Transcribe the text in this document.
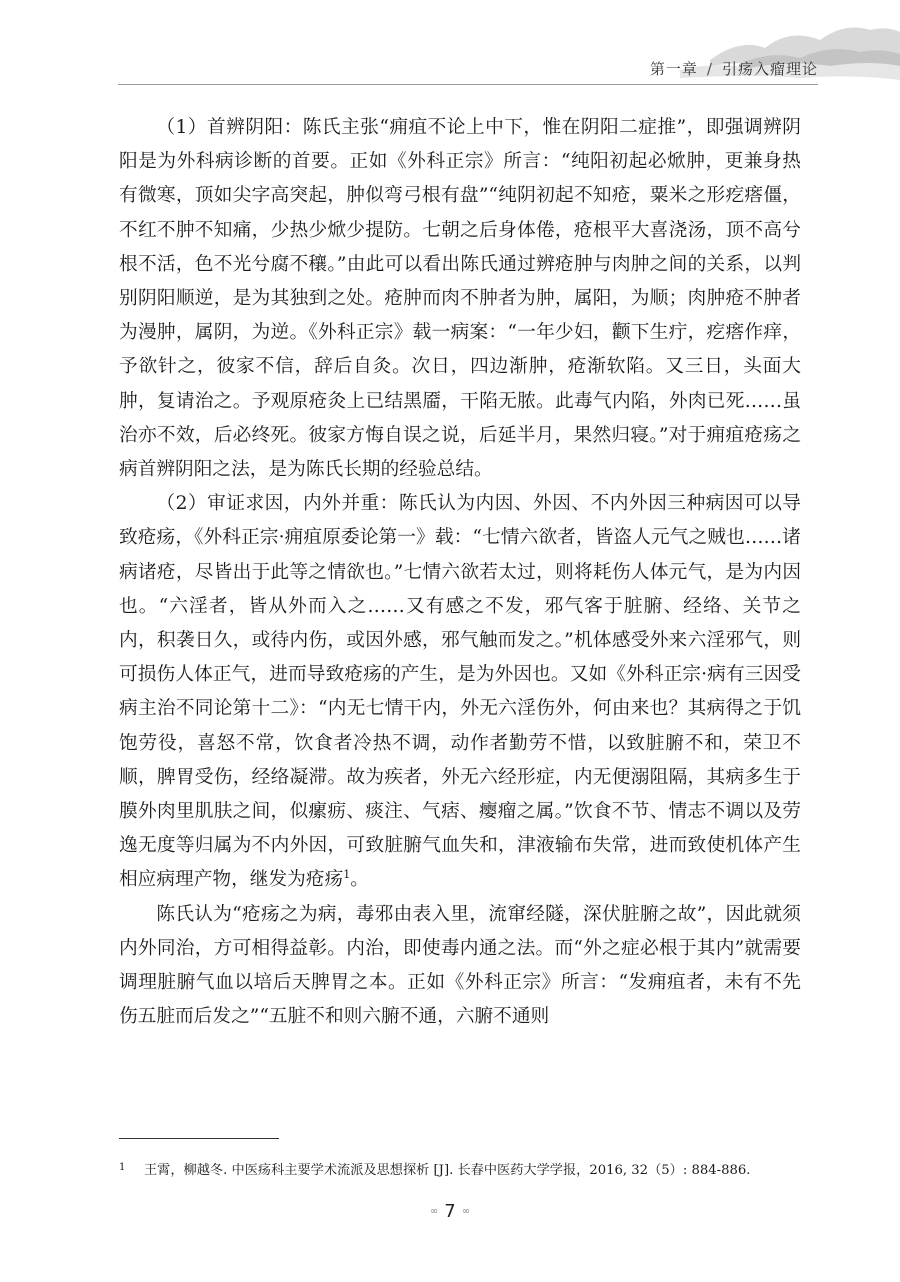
第一章 / 引疡入瘤理论

（1）首辨阴阳：陈氏主张“痈疽不论上中下，惟在阴阳二症推”，即强调辨阴阳是为外科病诊断的首要。正如《外科正宗》所言：“纯阳初起必焮肿，更兼身热有微寒，顶如尖字高突起，肿似弯弓根有盘”“纯阴初起不知疮，粟米之形疙瘩僵，不红不肿不知痛，少热少焮少提防。七朝之后身体倦，疮根平大喜浇汤，顶不高兮根不活，色不光兮腐不穰。”由此可以看出陈氏通过辨疮肿与肉肿之间的关系，以判别阴阳顺逆，是为其独到之处。疮肿而肉不肿者为肿，属阳，为顺；肉肿疮不肿者为漫肿，属阴，为逆。《外科正宗》载一病案：“一年少妇，颧下生疔，疙瘩作痒，予欲针之，彼家不信，辞后自灸。次日，四边渐肿，疮渐软陷。又三日，头面大肿，复请治之。予观原疮灸上已结黑靥，干陷无脓。此毒气内陷，外肉已死……虽治亦不效，后必终死。彼家方悔自误之说，后延半月，果然归寝。”对于痈疽疮疡之病首辨阴阳之法，是为陈氏长期的经验总结。

（2）审证求因，内外并重：陈氏认为内因、外因、不内外因三种病因可以导致疮疡，《外科正宗·痈疽原委论第一》载：“七情六欲者，皆盗人元气之贼也……诸病诸疮，尽皆出于此等之情欲也。”七情六欲若太过，则将耗伤人体元气，是为内因也。“六淫者，皆从外而入之……又有感之不发，邪气客于脏腑、经络、关节之内，积袭日久，或待内伤，或因外感，邪气触而发之。”机体感受外来六淫邪气，则可损伤人体正气，进而导致疮疡的产生，是为外因也。又如《外科正宗·病有三因受病主治不同论第十二》：“内无七情干内，外无六淫伤外，何由来也？其病得之于饥饱劳役，喜怒不常，饮食者冷热不调，动作者勤劳不惜，以致脏腑不和，荣卫不顺，脾胃受伤，经络凝滞。故为疾者，外无六经形症，内无便溺阻隔，其病多生于膜外肉里肌肤之间，似瘰疬、痰注、气痞、瘿瘤之属。”饮食不节、情志不调以及劳逸无度等归属为不内外因，可致脏腑气血失和，津液输布失常，进而致使机体产生相应病理产物，继发为疮疡$^1$。

陈氏认为“疮疡之为病，毒邪由表入里，流窜经隧，深伏脏腑之故”，因此就须内外同治，方可相得益彰。内治，即使毒内通之法。而“外之症必根于其内”就需要调理脏腑气血以培后天脾胃之本。正如《外科正宗》所言：“发痈疽者，未有不先伤五脏而后发之”“五脏不和则六腑不通，六腑不通则

1 王霄，柳越冬. 中医疡科主要学术流派及思想探析 [J]. 长春中医药大学学报，2016, 32（5）: 884-886.
∞ 7 ∞
